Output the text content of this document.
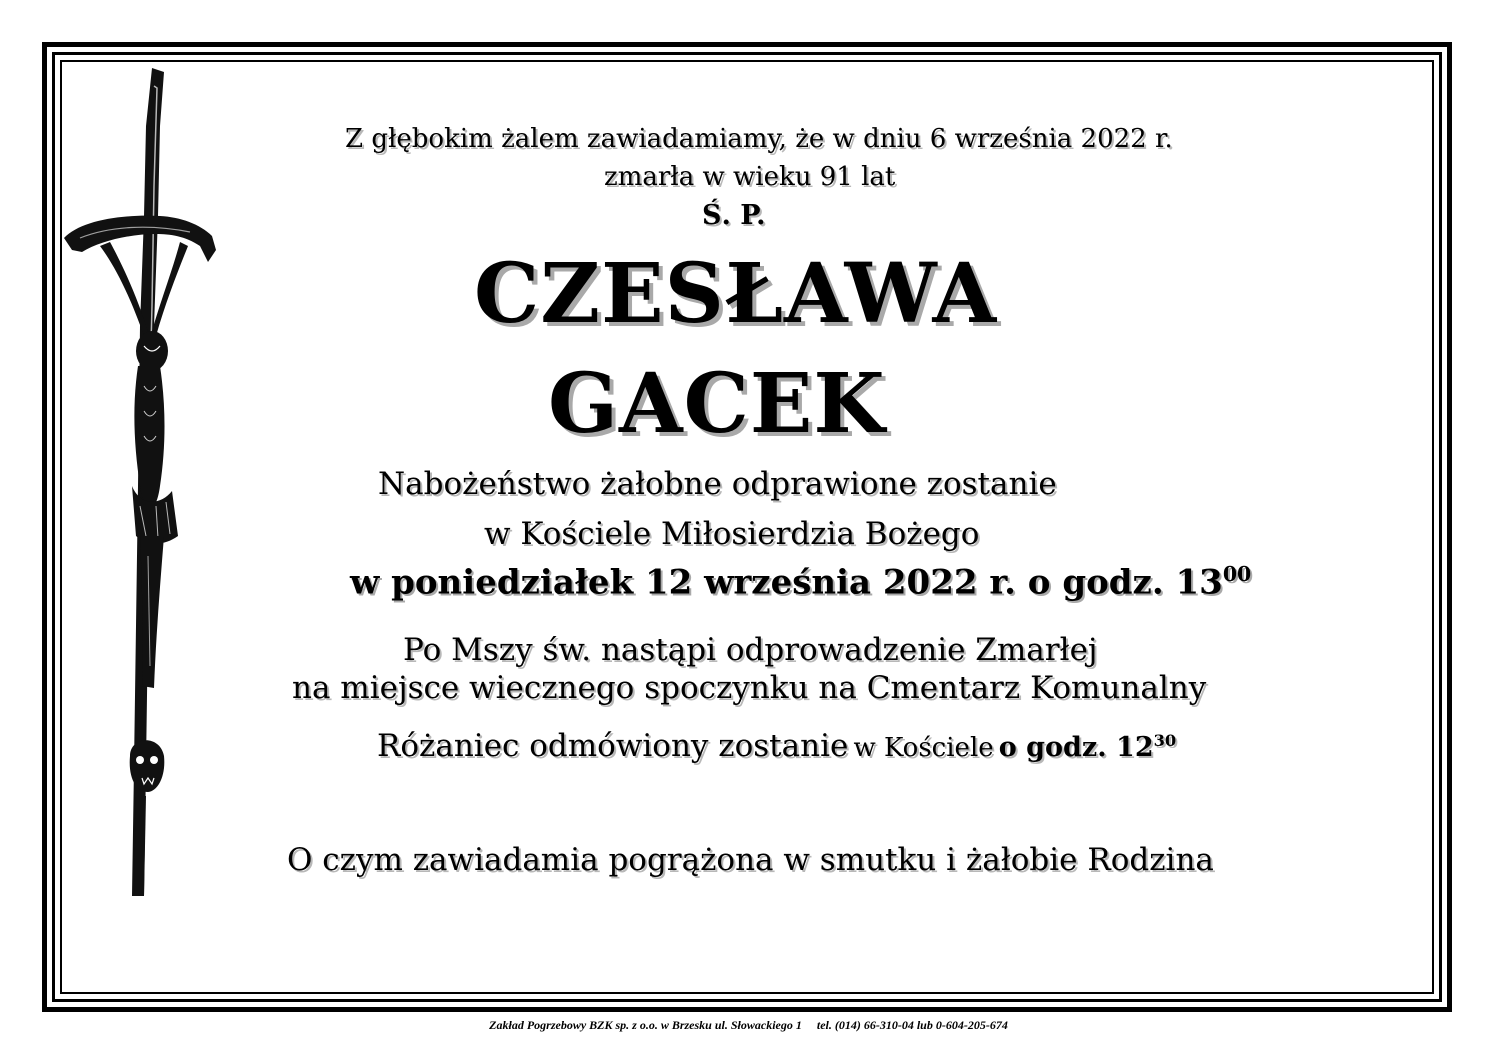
Z głębokim żalem zawiadamiamy, że w dniu 6 września 2022 r.
zmarła w wieku 91 lat
Ś. P.
CZESŁAWA
GACEK
Nabożeństwo żałobne odprawione zostanie
w Kościele Miłosierdzia Bożego
w poniedziałek 12 września 2022 r. o godz. $13^{00}$
Po Mszy św. nastąpi odprowadzenie Zmarłej
na miejsce wiecznego spoczynku na Cmentarz Komunalny
Różaniec odmówiony zostanie w Kościele o godz. $12^{30}$
O czym zawiadamia pogrążona w smutku i żałobie Rodzina
Zakład Pogrzebowy BZK sp. z o.o. w Brzesku ul. Słowackiego 1 tel. (014) 66-310-04 lub 0-604-205-674
